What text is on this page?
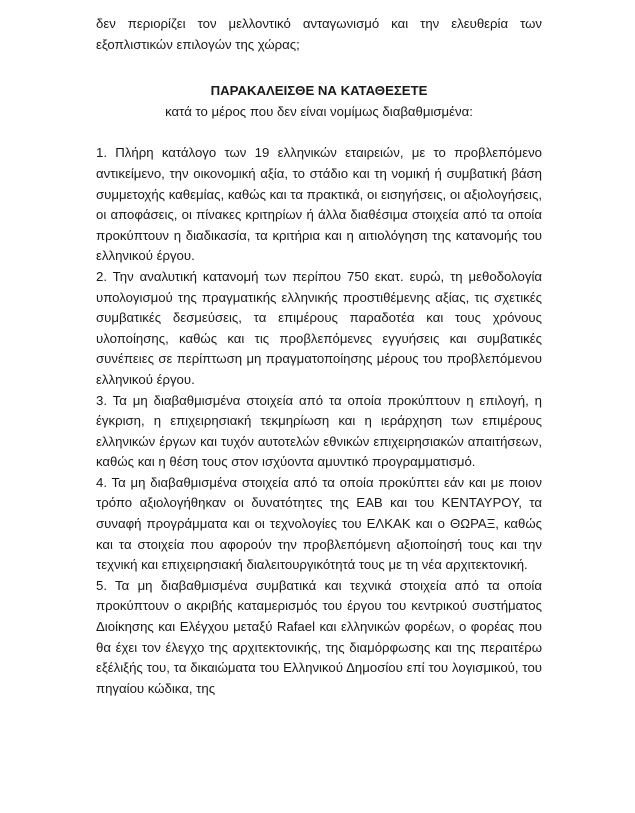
δεν περιορίζει τον μελλοντικό ανταγωνισμό και την ελευθερία των εξοπλιστικών επιλογών της χώρας;

ΠΑΡΑΚΑΛΕΙΣΘΕ ΝΑ ΚΑΤΑΘΕΣΕΤΕ

κατά το μέρος που δεν είναι νομίμως διαβαθμισμένα:

1. Πλήρη κατάλογο των 19 ελληνικών εταιρειών, με το προβλεπόμενο αντικείμενο, την οικονομική αξία, το στάδιο και τη νομική ή συμβατική βάση συμμετοχής καθεμίας, καθώς και τα πρακτικά, οι εισηγήσεις, οι αξιολογήσεις, οι αποφάσεις, οι πίνακες κριτηρίων ή άλλα διαθέσιμα στοιχεία από τα οποία προκύπτουν η διαδικασία, τα κριτήρια και η αιτιολόγηση της κατανομής του ελληνικού έργου.

2. Την αναλυτική κατανομή των περίπου 750 εκατ. ευρώ, τη μεθοδολογία υπολογισμού της πραγματικής ελληνικής προστιθέμενης αξίας, τις σχετικές συμβατικές δεσμεύσεις, τα επιμέρους παραδοτέα και τους χρόνους υλοποίησης, καθώς και τις προβλεπόμενες εγγυήσεις και συμβατικές συνέπειες σε περίπτωση μη πραγματοποίησης μέρους του προβλεπόμενου ελληνικού έργου.

3. Τα μη διαβαθμισμένα στοιχεία από τα οποία προκύπτουν η επιλογή, η έγκριση, η επιχειρησιακή τεκμηρίωση και η ιεράρχηση των επιμέρους ελληνικών έργων και τυχόν αυτοτελών εθνικών επιχειρησιακών απαιτήσεων, καθώς και η θέση τους στον ισχύοντα αμυντικό προγραμματισμό.

4. Τα μη διαβαθμισμένα στοιχεία από τα οποία προκύπτει εάν και με ποιον τρόπο αξιολογήθηκαν οι δυνατότητες της ΕΑΒ και του ΚΕΝΤΑΥΡΟΥ, τα συναφή προγράμματα και οι τεχνολογίες του ΕΛΚΑΚ και ο ΘΩΡΑΞ, καθώς και τα στοιχεία που αφορούν την προβλεπόμενη αξιοποίησή τους και την τεχνική και επιχειρησιακή διαλειτουργικότητά τους με τη νέα αρχιτεκτονική.

5. Τα μη διαβαθμισμένα συμβατικά και τεχνικά στοιχεία από τα οποία προκύπτουν ο ακριβής καταμερισμός του έργου του κεντρικού συστήματος Διοίκησης και Ελέγχου μεταξύ Rafael και ελληνικών φορέων, ο φορέας που θα έχει τον έλεγχο της αρχιτεκτονικής, της διαμόρφωσης και της περαιτέρω εξέλιξής του, τα δικαιώματα του Ελληνικού Δημοσίου επί του λογισμικού, του πηγαίου κώδικα, της
